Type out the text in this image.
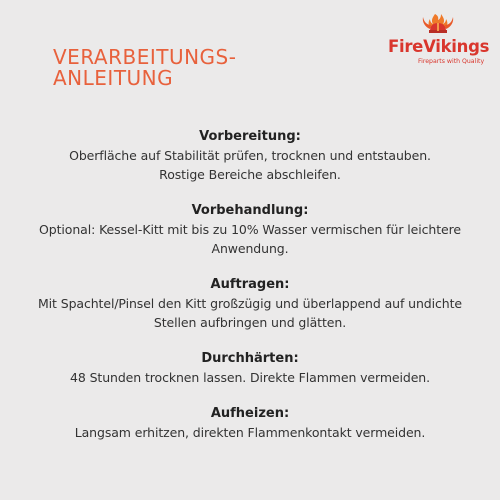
VERARBEITUNGS-
ANLEITUNG
FireVikings
Fireparts with Quality
Vorbereitung:

Oberfläche auf Stabilität prüfen, trocknen und entstauben.
Rostige Bereiche abschleifen.

Vorbehandlung:

Optional: Kessel-Kitt mit bis zu 10% Wasser vermischen für leichtere
Anwendung.

Auftragen:

Mit Spachtel/Pinsel den Kitt großzügig und überlappend auf undichte
Stellen aufbringen und glätten.

Durchhärten:

48 Stunden trocknen lassen. Direkte Flammen vermeiden.

Aufheizen:

Langsam erhitzen, direkten Flammenkontakt vermeiden.
